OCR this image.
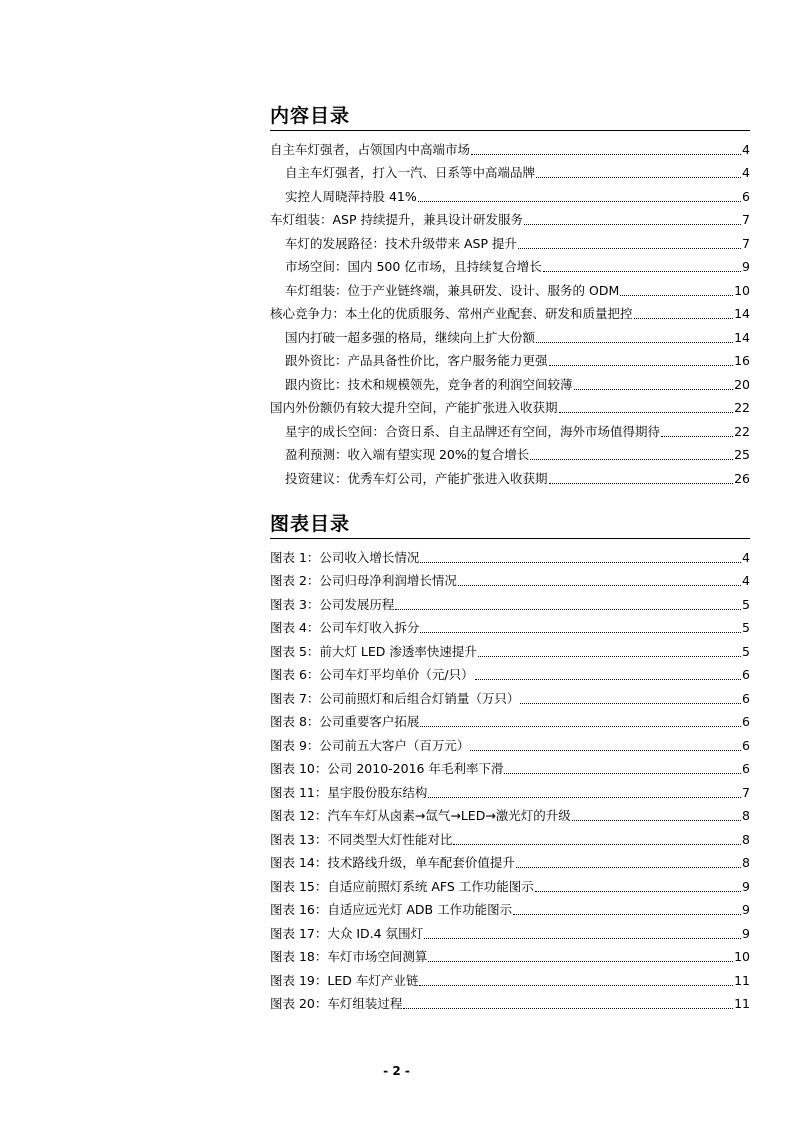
内容目录
自主车灯强者，占领国内中高端市场	4
自主车灯强者，打入一汽、日系等中高端品牌	4
实控人周晓萍持股 41%	6
车灯组装：ASP 持续提升，兼具设计研发服务	7
车灯的发展路径：技术升级带来 ASP 提升	7
市场空间：国内 500 亿市场，且持续复合增长	9
车灯组装：位于产业链终端，兼具研发、设计、服务的 ODM	10
核心竞争力：本土化的优质服务、常州产业配套、研发和质量把控	14
国内打破一超多强的格局，继续向上扩大份额	14
跟外资比：产品具备性价比，客户服务能力更强	16
跟内资比：技术和规模领先，竞争者的利润空间较薄	20
国内外份额仍有较大提升空间，产能扩张进入收获期	22
星宇的成长空间：合资日系、自主品牌还有空间，海外市场值得期待	22
盈利预测：收入端有望实现 20%的复合增长	25
投资建议：优秀车灯公司，产能扩张进入收获期	26
图表目录
图表 1：公司收入增长情况	4
图表 2：公司归母净利润增长情况	4
图表 3：公司发展历程	5
图表 4：公司车灯收入拆分	5
图表 5：前大灯 LED 渗透率快速提升	5
图表 6：公司车灯平均单价（元/只）	6
图表 7：公司前照灯和后组合灯销量（万只）	6
图表 8：公司重要客户拓展	6
图表 9：公司前五大客户（百万元）	6
图表 10：公司 2010-2016 年毛利率下滑	6
图表 11：星宇股份股东结构	7
图表 12：汽车车灯从卤素→氙气→LED→激光灯的升级	8
图表 13：不同类型大灯性能对比	8
图表 14：技术路线升级，单车配套价值提升	8
图表 15：自适应前照灯系统 AFS 工作功能图示	9
图表 16：自适应远光灯 ADB 工作功能图示	9
图表 17：大众 ID.4 氛围灯	9
图表 18：车灯市场空间测算	10
图表 19：LED 车灯产业链	11
图表 20：车灯组装过程	11
- 2 -
